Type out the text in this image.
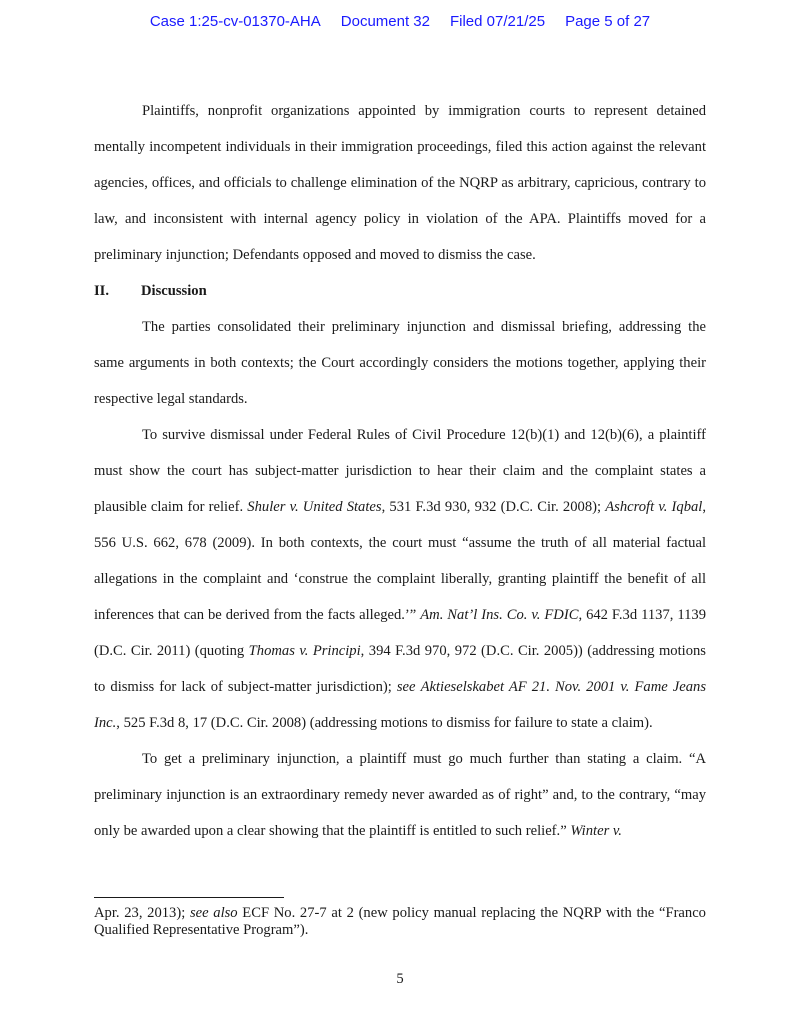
Case 1:25-cv-01370-AHA Document 32 Filed 07/21/25 Page 5 of 27

Plaintiffs, nonprofit organizations appointed by immigration courts to represent detained mentally incompetent individuals in their immigration proceedings, filed this action against the relevant agencies, offices, and officials to challenge elimination of the NQRP as arbitrary, capricious, contrary to law, and inconsistent with internal agency policy in violation of the APA. Plaintiffs moved for a preliminary injunction; Defendants opposed and moved to dismiss the case.

II. Discussion

The parties consolidated their preliminary injunction and dismissal briefing, addressing the same arguments in both contexts; the Court accordingly considers the motions together, applying their respective legal standards.

To survive dismissal under Federal Rules of Civil Procedure 12(b)(1) and 12(b)(6), a plaintiff must show the court has subject-matter jurisdiction to hear their claim and the complaint states a plausible claim for relief. Shuler v. United States, 531 F.3d 930, 932 (D.C. Cir. 2008); Ashcroft v. Iqbal, 556 U.S. 662, 678 (2009). In both contexts, the court must “assume the truth of all material factual allegations in the complaint and ‘construe the complaint liberally, granting plaintiff the benefit of all inferences that can be derived from the facts alleged.’” Am. Nat’l Ins. Co. v. FDIC, 642 F.3d 1137, 1139 (D.C. Cir. 2011) (quoting Thomas v. Principi, 394 F.3d 970, 972 (D.C. Cir. 2005)) (addressing motions to dismiss for lack of subject-matter jurisdiction); see Aktieselskabet AF 21. Nov. 2001 v. Fame Jeans Inc., 525 F.3d 8, 17 (D.C. Cir. 2008) (addressing motions to dismiss for failure to state a claim).

To get a preliminary injunction, a plaintiff must go much further than stating a claim. “A preliminary injunction is an extraordinary remedy never awarded as of right” and, to the contrary, “may only be awarded upon a clear showing that the plaintiff is entitled to such relief.” Winter v.

Apr. 23, 2013); see also ECF No. 27-7 at 2 (new policy manual replacing the NQRP with the “Franco Qualified Representative Program”).
5
